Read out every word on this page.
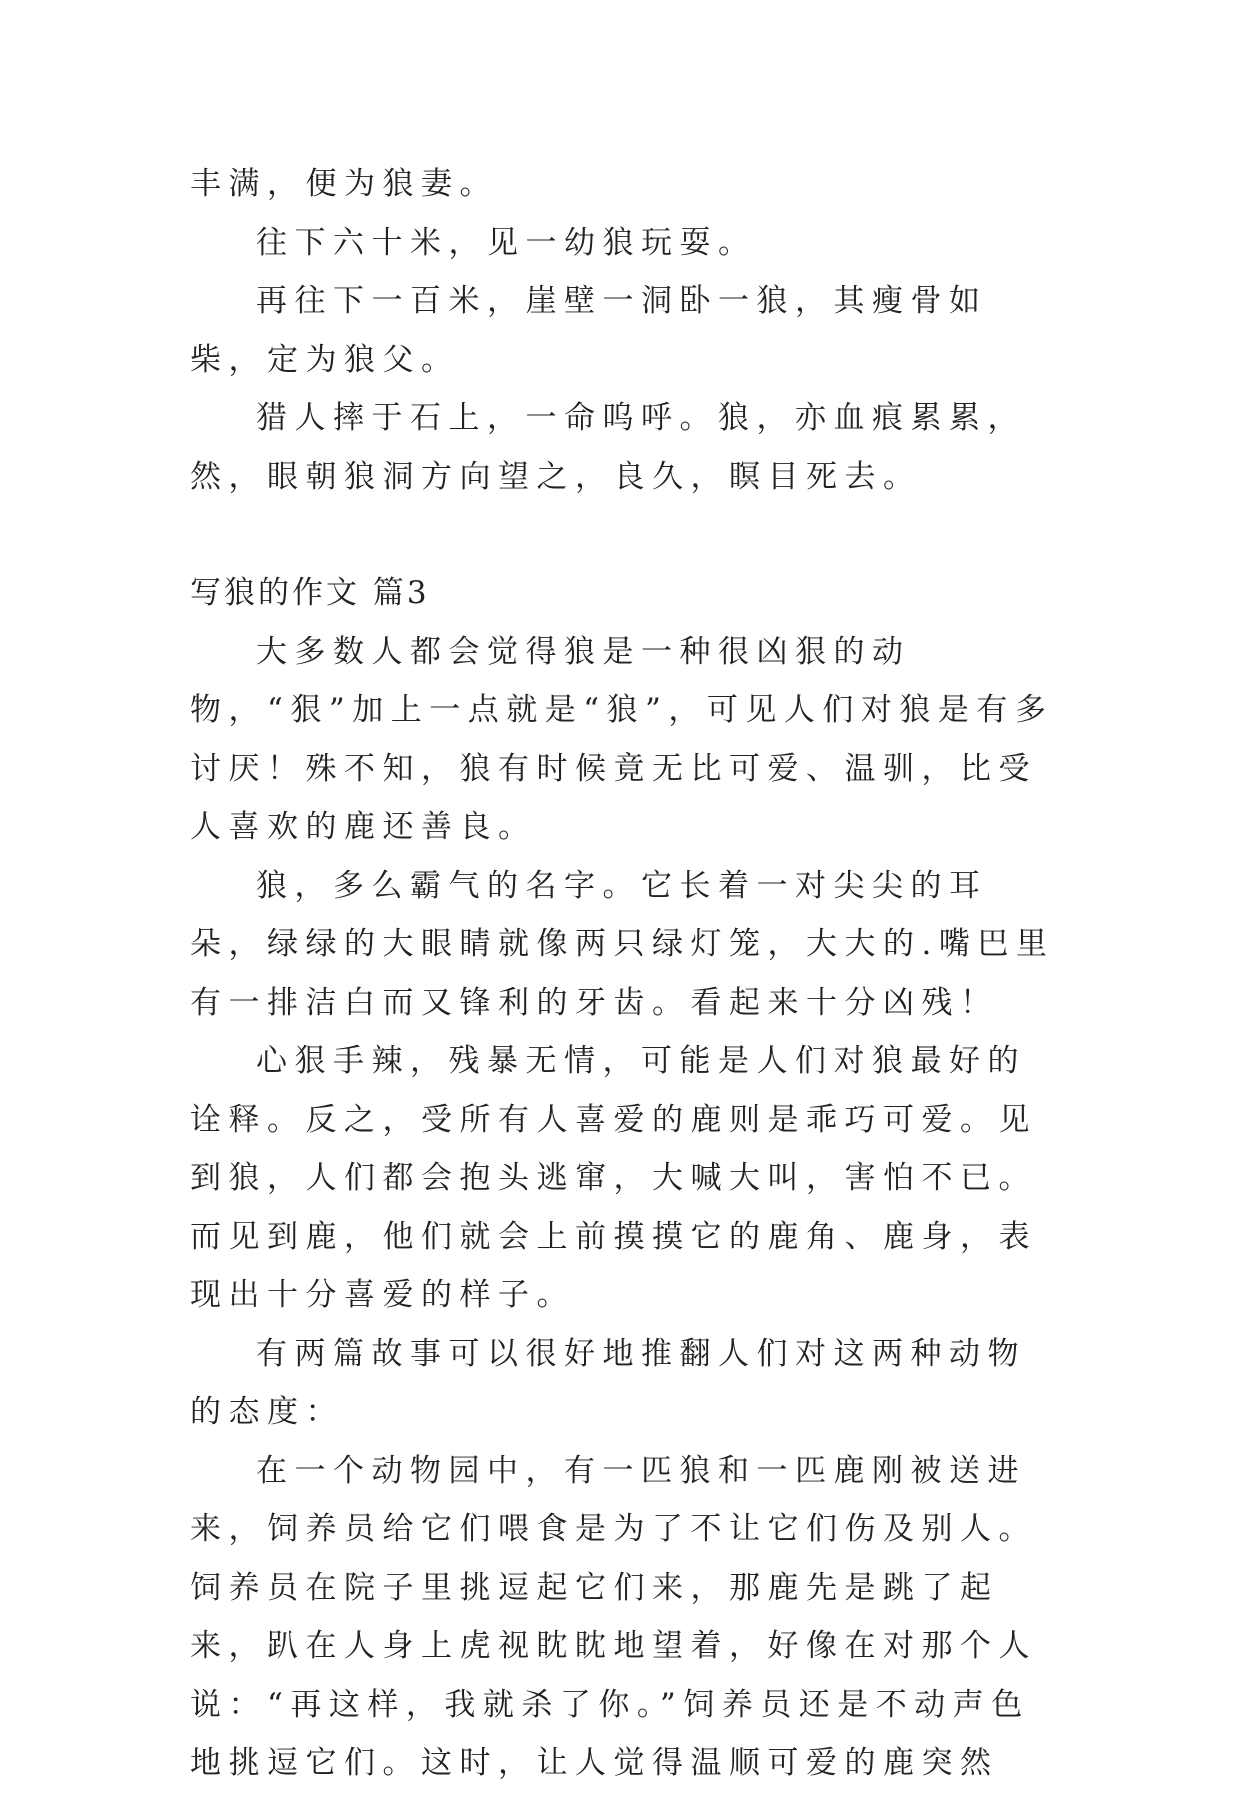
丰满，便为狼妻。

往下六十米，见一幼狼玩耍。

再往下一百米，崖壁一洞卧一狼，其瘦骨如柴，定为狼父。

猎人摔于石上，一命呜呼。狼，亦血痕累累，然，眼朝狼洞方向望之，良久，瞑目死去。

写狼的作文 篇3

大多数人都会觉得狼是一种很凶狠的动物，“狠”加上一点就是“狼”，可见人们对狼是有多讨厌！殊不知，狼有时候竟无比可爱、温驯，比受人喜欢的鹿还善良。

狼，多么霸气的名字。它长着一对尖尖的耳朵，绿绿的大眼睛就像两只绿灯笼，大大的.嘴巴里有一排洁白而又锋利的牙齿。看起来十分凶残！

心狠手辣，残暴无情，可能是人们对狼最好的诠释。反之，受所有人喜爱的鹿则是乖巧可爱。见到狼，人们都会抱头逃窜，大喊大叫，害怕不已。而见到鹿，他们就会上前摸摸它的鹿角、鹿身，表现出十分喜爱的样子。

有两篇故事可以很好地推翻人们对这两种动物的态度：

在一个动物园中，有一匹狼和一匹鹿刚被送进来，饲养员给它们喂食是为了不让它们伤及别人。饲养员在院子里挑逗起它们来，那鹿先是跳了起来，趴在人身上虎视眈眈地望着，好像在对那个人说：“再这样，我就杀了你。”饲养员还是不动声色地挑逗它们。这时，让人觉得温顺可爱的鹿突然
